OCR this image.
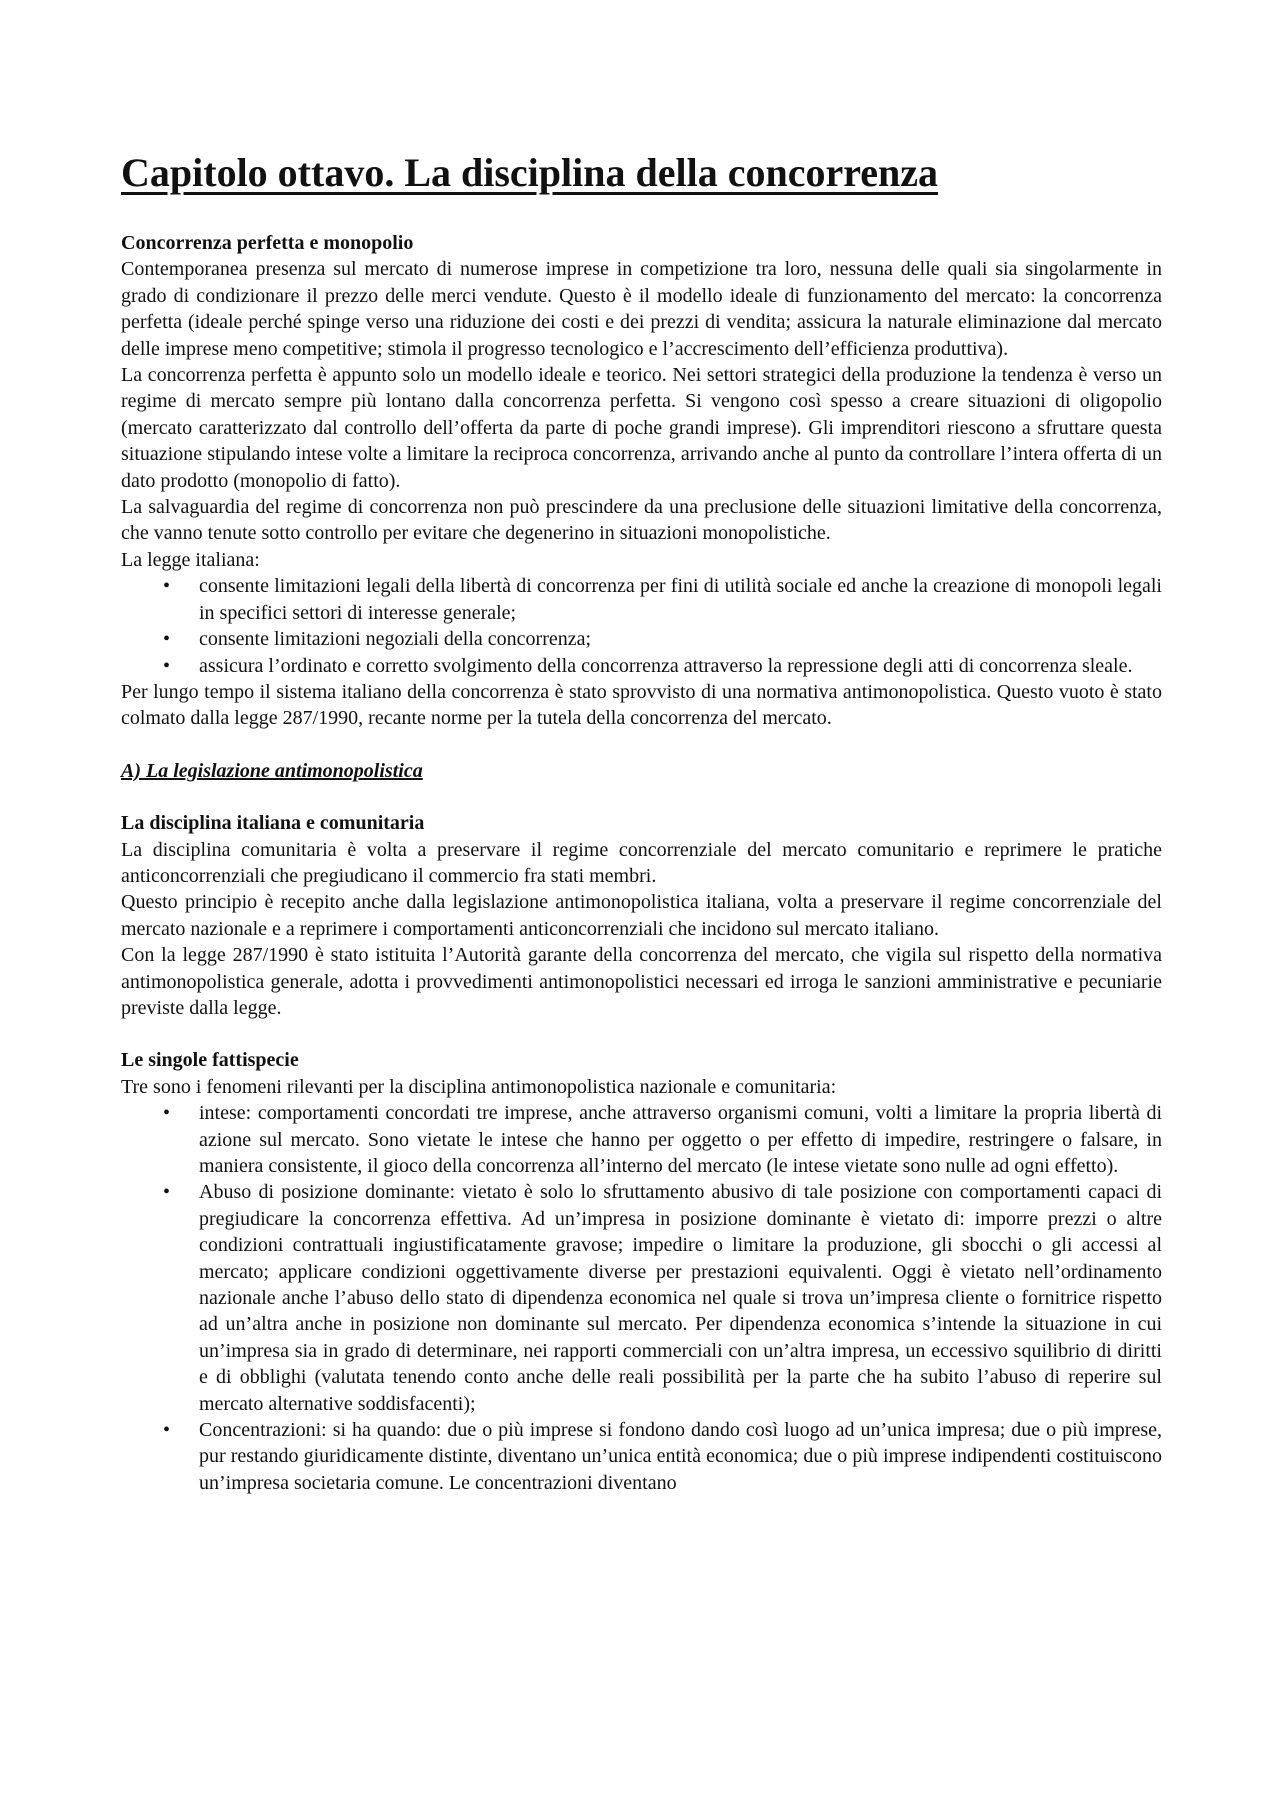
Capitolo ottavo. La disciplina della concorrenza
Concorrenza perfetta e monopolio

Contemporanea presenza sul mercato di numerose imprese in competizione tra loro, nessuna delle quali sia singolarmente in grado di condizionare il prezzo delle merci vendute. Questo è il modello ideale di funzionamento del mercato: la concorrenza perfetta (ideale perché spinge verso una riduzione dei costi e dei prezzi di vendita; assicura la naturale eliminazione dal mercato delle imprese meno competitive; stimola il progresso tecnologico e l’accrescimento dell’efficienza produttiva).

La concorrenza perfetta è appunto solo un modello ideale e teorico. Nei settori strategici della produzione la tendenza è verso un regime di mercato sempre più lontano dalla concorrenza perfetta. Si vengono così spesso a creare situazioni di oligopolio (mercato caratterizzato dal controllo dell’offerta da parte di poche grandi imprese). Gli imprenditori riescono a sfruttare questa situazione stipulando intese volte a limitare la reciproca concorrenza, arrivando anche al punto da controllare l’intera offerta di un dato prodotto (monopolio di fatto).

La salvaguardia del regime di concorrenza non può prescindere da una preclusione delle situazioni limitative della concorrenza, che vanno tenute sotto controllo per evitare che degenerino in situazioni monopolistiche.

La legge italiana:

• consente limitazioni legali della libertà di concorrenza per fini di utilità sociale ed anche la creazione di monopoli legali in specifici settori di interesse generale;
• consente limitazioni negoziali della concorrenza;
• assicura l’ordinato e corretto svolgimento della concorrenza attraverso la repressione degli atti di concorrenza sleale.

Per lungo tempo il sistema italiano della concorrenza è stato sprovvisto di una normativa antimonopolistica. Questo vuoto è stato colmato dalla legge 287/1990, recante norme per la tutela della concorrenza del mercato.

A) La legislazione antimonopolistica
La disciplina italiana e comunitaria

La disciplina comunitaria è volta a preservare il regime concorrenziale del mercato comunitario e reprimere le pratiche anticoncorrenziali che pregiudicano il commercio fra stati membri.

Questo principio è recepito anche dalla legislazione antimonopolistica italiana, volta a preservare il regime concorrenziale del mercato nazionale e a reprimere i comportamenti anticoncorrenziali che incidono sul mercato italiano.

Con la legge 287/1990 è stato istituita l’Autorità garante della concorrenza del mercato, che vigila sul rispetto della normativa antimonopolistica generale, adotta i provvedimenti antimonopolistici necessari ed irroga le sanzioni amministrative e pecuniarie previste dalla legge.

Le singole fattispecie

Tre sono i fenomeni rilevanti per la disciplina antimonopolistica nazionale e comunitaria:

• intese: comportamenti concordati tre imprese, anche attraverso organismi comuni, volti a limitare la propria libertà di azione sul mercato. Sono vietate le intese che hanno per oggetto o per effetto di impedire, restringere o falsare, in maniera consistente, il gioco della concorrenza all’interno del mercato (le intese vietate sono nulle ad ogni effetto).
• Abuso di posizione dominante: vietato è solo lo sfruttamento abusivo di tale posizione con comportamenti capaci di pregiudicare la concorrenza effettiva. Ad un’impresa in posizione dominante è vietato di: imporre prezzi o altre condizioni contrattuali ingiustificatamente gravose; impedire o limitare la produzione, gli sbocchi o gli accessi al mercato; applicare condizioni oggettivamente diverse per prestazioni equivalenti. Oggi è vietato nell’ordinamento nazionale anche l’abuso dello stato di dipendenza economica nel quale si trova un’impresa cliente o fornitrice rispetto ad un’altra anche in posizione non dominante sul mercato. Per dipendenza economica s’intende la situazione in cui un’impresa sia in grado di determinare, nei rapporti commerciali con un’altra impresa, un eccessivo squilibrio di diritti e di obblighi (valutata tenendo conto anche delle reali possibilità per la parte che ha subito l’abuso di reperire sul mercato alternative soddisfacenti);
• Concentrazioni: si ha quando: due o più imprese si fondono dando così luogo ad un’unica impresa; due o più imprese, pur restando giuridicamente distinte, diventano un’unica entità economica; due o più imprese indipendenti costituiscono un’impresa societaria comune. Le concentrazioni diventano
